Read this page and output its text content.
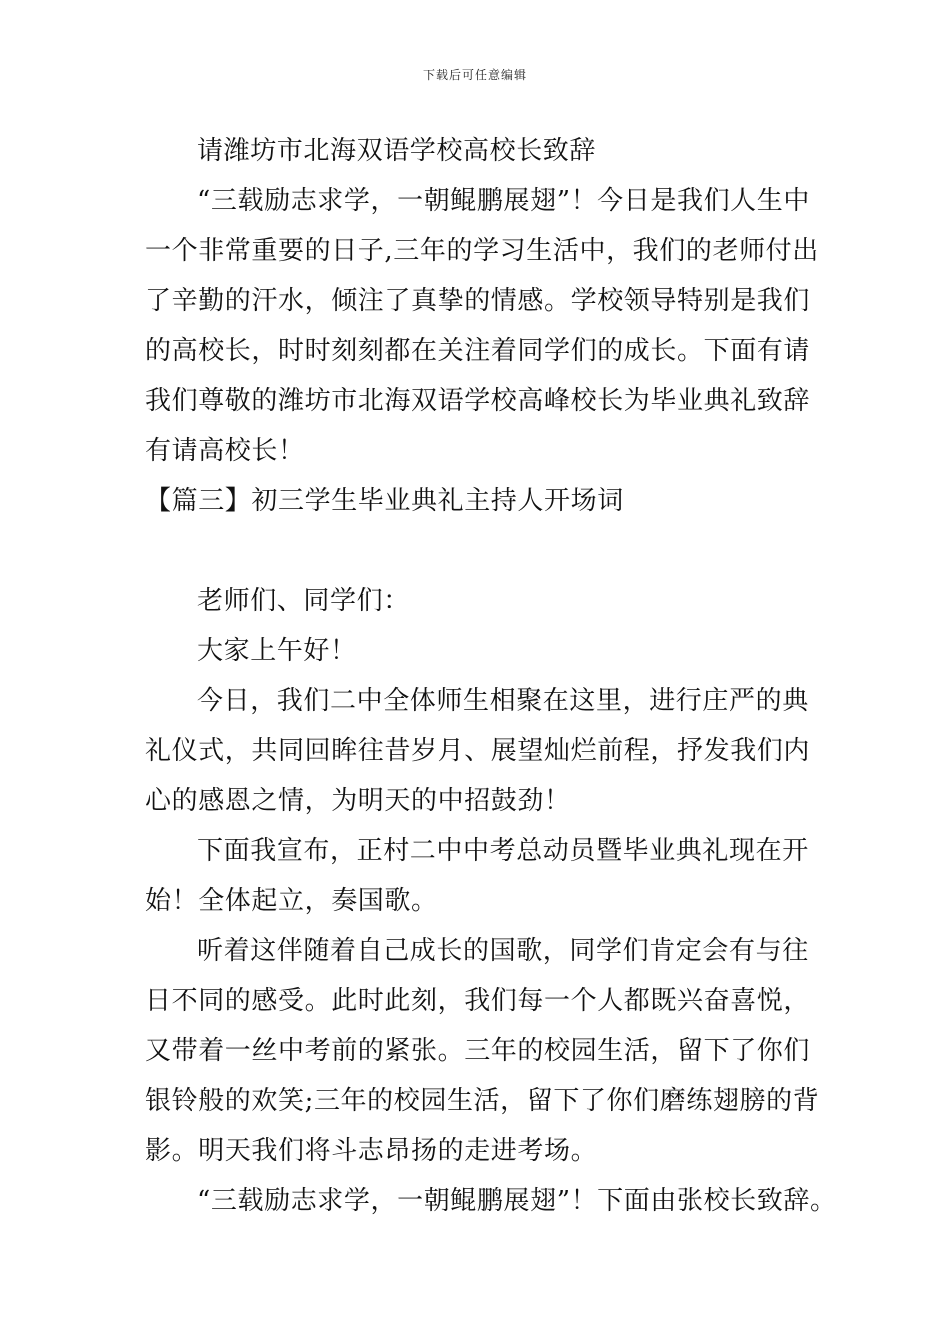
下载后可任意编辑
请潍坊市北海双语学校高校长致辞
“三载励志求学，一朝鲲鹏展翅”！今日是我们人生中
一个非常重要的日子,三年的学习生活中，我们的老师付出
了辛勤的汗水，倾注了真挚的情感。学校领导特别是我们
的高校长，时时刻刻都在关注着同学们的成长。下面有请
我们尊敬的潍坊市北海双语学校高峰校长为毕业典礼致辞
有请高校长！
【篇三】初三学生毕业典礼主持人开场词
老师们、同学们：
大家上午好！
今日，我们二中全体师生相聚在这里，进行庄严的典
礼仪式，共同回眸往昔岁月、展望灿烂前程，抒发我们内
心的感恩之情，为明天的中招鼓劲！
下面我宣布，正村二中中考总动员暨毕业典礼现在开
始！全体起立，奏国歌。
听着这伴随着自己成长的国歌，同学们肯定会有与往
日不同的感受。此时此刻，我们每一个人都既兴奋喜悦，
又带着一丝中考前的紧张。三年的校园生活，留下了你们
银铃般的欢笑;三年的校园生活，留下了你们磨练翅膀的背
影。明天我们将斗志昂扬的走进考场。
“三载励志求学，一朝鲲鹏展翅”！下面由张校长致辞。
